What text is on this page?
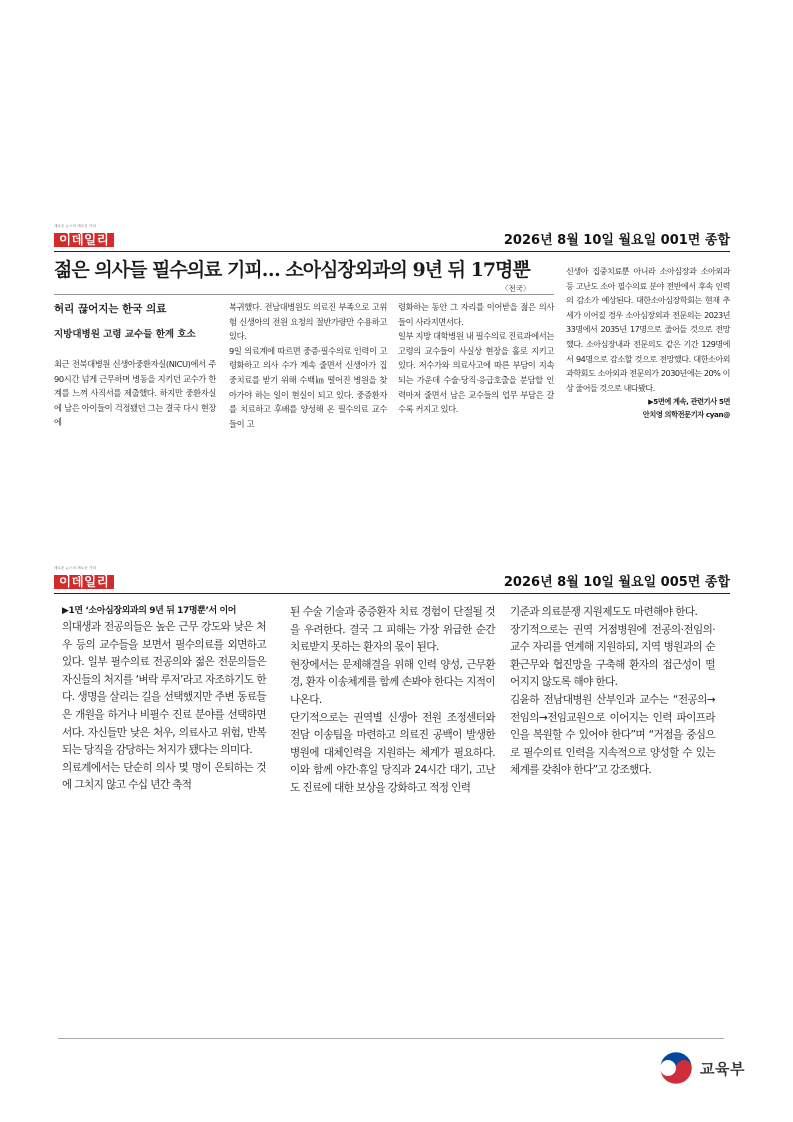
새로운 뉴스의 새로운 가치
이데일리	2026년 8월 10일 월요일 001면 종합
젊은 의사들 필수의료 기피… 소아심장외과의 9년 뒤 17명뿐
〈전국〉
허리 끊어지는 한국 의료
지방대병원 고령 교수들 한계 호소
최근 전북대병원 신생아중환자실(NICU)에서 주 90시간 넘게 근무하며 병동을 지키던 교수가 한계를 느껴 사직서를 제출했다. 하지만 중환자실에 남은 아이들이 걱정됐던 그는 결국 다시 현장에
복귀했다. 전남대병원도 의료진 부족으로 고위험 신생아의 전원 요청의 절반가량만 수용하고 있다.
9일 의료계에 따르면 중증·필수의료 인력이 고령화하고 의사 수가 계속 줄면서 신생아가 집중치료를 받기 위해 수백㎞ 떨어진 병원을 찾아가야 하는 일이 현실이 되고 있다. 중증환자를 치료하고 후배를 양성해 온 필수의료 교수들이 고
령화하는 동안 그 자리를 이어받을 젊은 의사들이 사라지면서다.
일부 지방 대학병원 내 필수의료 진료과에서는 고령의 교수들이 사실상 현장을 홀로 지키고 있다. 저수가와 의료사고에 따른 부담이 지속되는 가운데 수술·당직·응급호출을 분담할 인력마저 줄면서 남은 교수들의 업무 부담은 갈수록 커지고 있다.
신생아 집중치료뿐 아니라 소아심장과 소아외과 등 고난도 소아 필수의료 분야 전반에서 후속 인력의 감소가 예상된다. 대한소아심장학회는 현재 추세가 이어질 경우 소아심장외과 전문의는 2023년 33명에서 2035년 17명으로 줄어들 것으로 전망했다. 소아심장내과 전문의도 같은 기간 129명에서 94명으로 감소할 것으로 전망했다. 대한소아외과학회도 소아외과 전문의가 2030년에는 20% 이상 줄어들 것으로 내다봤다.
▶5면에 계속, 관련기사 5면
안치영 의학전문기자 cyan@
새로운 뉴스의 새로운 가치
이데일리	2026년 8월 10일 월요일 005면 종합
▶1면 ‘소아심장외과의 9년 뒤 17명뿐’서 이어
의대생과 전공의들은 높은 근무 강도와 낮은 처우 등의 교수들을 보면서 필수의료를 외면하고 있다. 일부 필수의료 전공의와 젊은 전문의들은 자신들의 처지를 ‘벼락 루저’라고 자조하기도 한다. 생명을 살리는 길을 선택했지만 주변 동료들은 개원을 하거나 비필수 진료 분야를 선택하면서다. 자신들만 낮은 처우, 의료사고 위험, 반복되는 당직을 감당하는 처지가 됐다는 의미다.
의료계에서는 단순히 의사 몇 명이 은퇴하는 것에 그치지 않고 수십 년간 축적
된 수술 기술과 중증환자 치료 경험이 단절될 것을 우려한다. 결국 그 피해는 가장 위급한 순간 치료받지 못하는 환자의 몫이 된다.
현장에서는 문제해결을 위해 인력 양성, 근무환경, 환자 이송체계를 함께 손봐야 한다는 지적이 나온다.
단기적으로는 권역별 신생아 전원 조정센터와 전담 이송팀을 마련하고 의료진 공백이 발생한 병원에 대체인력을 지원하는 체계가 필요하다. 이와 함께 야간·휴일 당직과 24시간 대기, 고난도 진료에 대한 보상을 강화하고 적정 인력
기준과 의료분쟁 지원제도도 마련해야 한다.
장기적으로는 권역 거점병원에 전공의·전임의·교수 자리를 연계해 지원하되, 지역 병원과의 순환근무와 협진망을 구축해 환자의 접근성이 떨어지지 않도록 해야 한다.
김윤하 전남대병원 산부인과 교수는 “전공의→전임의→전임교원으로 이어지는 인력 파이프라인을 복원할 수 있어야 한다”며 “거점을 중심으로 필수의료 인력을 지속적으로 양성할 수 있는 체계를 갖춰야 한다”고 강조했다.
교육부
